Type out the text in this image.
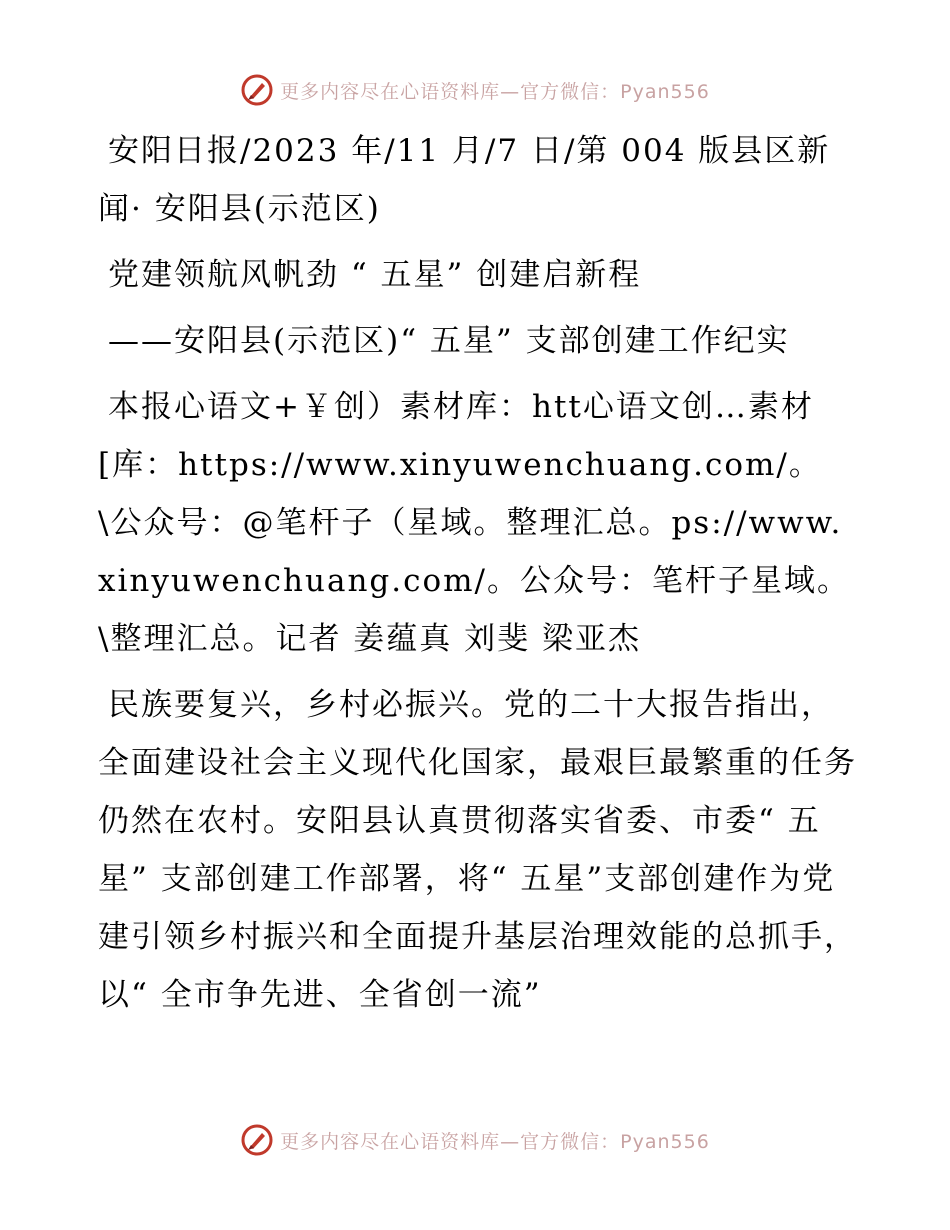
更多内容尽在心语资料库—官方微信：Pyan556

安阳日报/2023 年/11 月/7 日/第 004 版县区新闻· 安阳县(示范区)

党建领航风帆劲 “ 五星” 创建启新程

——安阳县(示范区)“ 五星” 支部创建工作纪实

本报心语文+￥创）素材库：htt心语文创…素材[库：https://www.xinyuwenchuang.com/。\公众号：@笔杆子（星域。整理汇总。ps://www.xinyuwenchuang.com/。公众号：笔杆子星域。\整理汇总。记者 姜蕴真 刘斐 梁亚杰

民族要复兴，乡村必振兴。党的二十大报告指出，全面建设社会主义现代化国家，最艰巨最繁重的任务仍然在农村。安阳县认真贯彻落实省委、市委“ 五星” 支部创建工作部署，将“ 五星”支部创建作为党建引领乡村振兴和全面提升基层治理效能的总抓手，以“ 全市争先进、全省创一流”

更多内容尽在心语资料库—官方微信：Pyan556
